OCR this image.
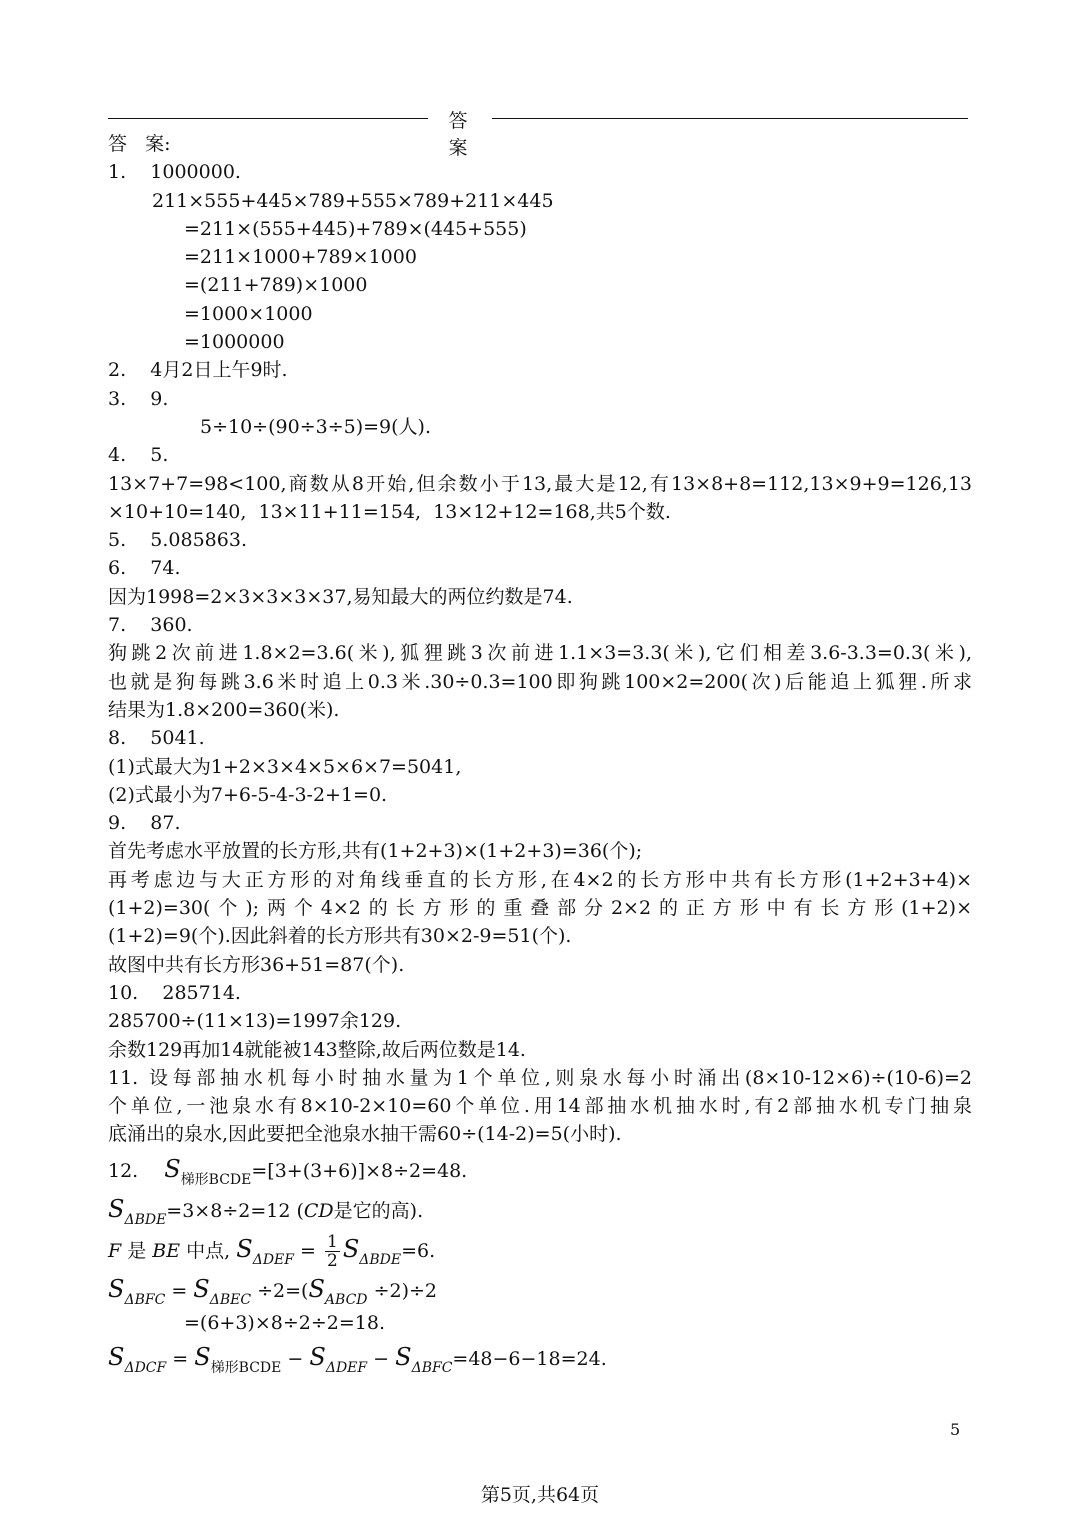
答 案
答   案:
1.    1000000.
211×555+445×789+555×789+211×445
=211×(555+445)+789×(445+555)
=211×1000+789×1000
=(211+789)×1000
=1000×1000
=1000000
2.    4月2日上午9时.
3.    9.
5÷10÷(90÷3÷5)=9(人).
4.    5.
13×7+7=98<100,商数从8开始,但余数小于13,最大是12,有13×8+8=112,13×9+9=126,13
×10+10=140,  13×11+11=154,  13×12+12=168,共5个数.
5.    5.085863.
6.    74.
因为1998=2×3×3×3×37,易知最大的两位约数是74.
7.    360.
狗跳2次前进1.8×2=3.6(米),狐狸跳3次前进1.1×3=3.3(米),它们相差3.6-3.3=0.3(米),
也就是狗每跳3.6米时追上0.3米.30÷0.3=100即狗跳100×2=200(次)后能追上狐狸.所求
结果为1.8×200=360(米).
8.    5041.
(1)式最大为1+2×3×4×5×6×7=5041,
(2)式最小为7+6-5-4-3-2+1=0.
9.    87.
首先考虑水平放置的长方形,共有(1+2+3)×(1+2+3)=36(个);
再考虑边与大正方形的对角线垂直的长方形,在4×2的长方形中共有长方形(1+2+3+4)×
(1+2)=30(个);两个4×2的长方形的重叠部分2×2的正方形中有长方形(1+2)×
(1+2)=9(个).因此斜着的长方形共有30×2-9=51(个).
故图中共有长方形36+51=87(个).
10.    285714.
285700÷(11×13)=1997余129.
余数129再加14就能被143整除,故后两位数是14.
11. 设每部抽水机每小时抽水量为1个单位,则泉水每小时涌出(8×10-12×6)÷(10-6)=2
个单位,一池泉水有8×10-2×10=60个单位.用14部抽水机抽水时,有2部抽水机专门抽泉
底涌出的泉水,因此要把全池泉水抽干需60÷(14-2)=5(小时).
12. $S_{梯形BCDE}=[3+(3+6)]\times 8\div 2=48$.
$S_{\Delta BDE}=3\times 8\div 2=12$ (CD是它的高).
F 是 BE 中点, $S_{\Delta DEF} = \frac{1}{2} S_{\Delta BDE}=6$.
$S_{\Delta BFC} = S_{\Delta BEC} \div 2=(S_{ABCD} \div 2)\div 2$
=(6+3)×8÷2÷2=18.
$S_{\Delta DCF} = S_{梯形BCDE} - S_{\Delta DEF} - S_{\Delta BFC}=48-6-18=24$.
5
第5页,共64页
